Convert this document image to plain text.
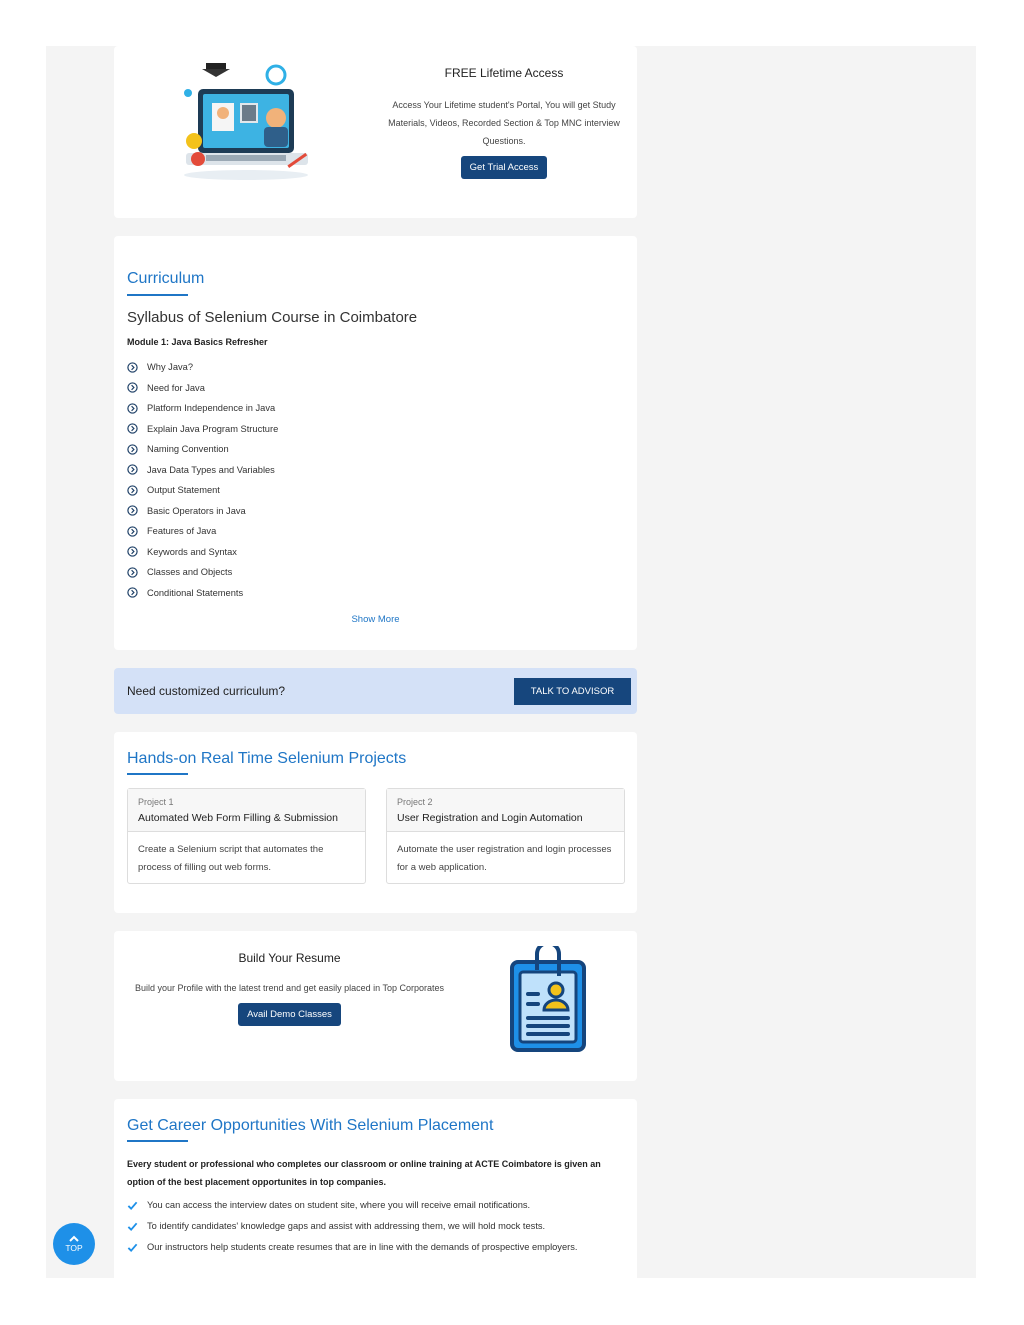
FREE Lifetime Access
Access Your Lifetime student's Portal, You will get Study Materials, Videos, Recorded Section & Top MNC interview Questions.
Get Trial Access
Curriculum
Syllabus of Selenium Course in Coimbatore
Module 1: Java Basics Refresher
Why Java?
Need for Java
Platform Independence in Java
Explain Java Program Structure
Naming Convention
Java Data Types and Variables
Output Statement
Basic Operators in Java
Features of Java
Keywords and Syntax
Classes and Objects
Conditional Statements
Show More
Need customized curriculum?	TALK TO ADVISOR
Hands-on Real Time Selenium Projects
Project 1
Automated Web Form Filling & Submission
Create a Selenium script that automates the process of filling out web forms.
Project 2
User Registration and Login Automation
Automate the user registration and login processes for a web application.
Build Your Resume
Build your Profile with the latest trend and get easily placed in Top Corporates
Avail Demo Classes
Get Career Opportunities With Selenium Placement
Every student or professional who completes our classroom or online training at ACTE Coimbatore is given an option of the best placement opportunites in top companies.
You can access the interview dates on student site, where you will receive email notifications.
To identify candidates' knowledge gaps and assist with addressing them, we will hold mock tests.
Our instructors help students create resumes that are in line with the demands of prospective employers.
TOP
